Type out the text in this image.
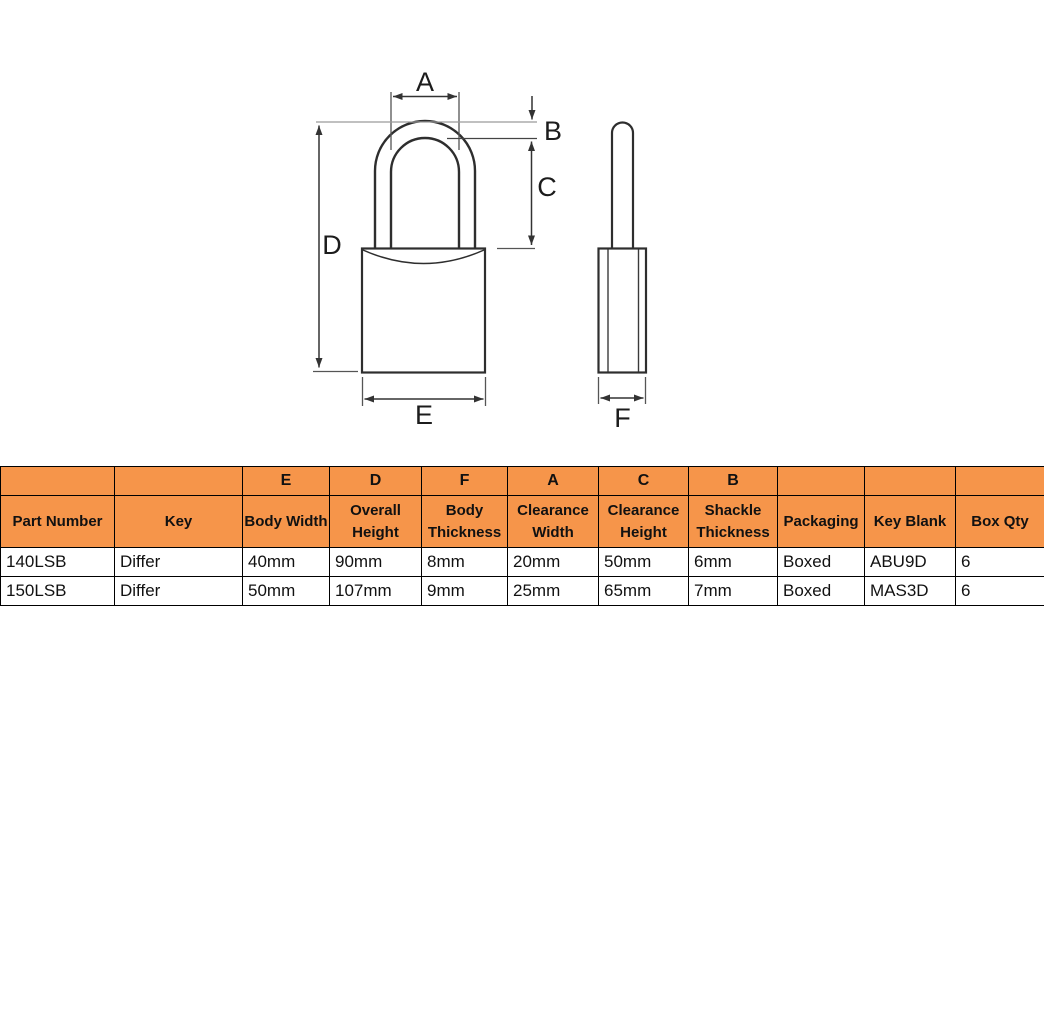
A
B
C
D
E	F
		E	D	F	A	C	B			
Part Number	Key	Body Width	Overall Height	Body Thickness	Clearance Width	Clearance Height	Shackle Thickness	Packaging	Key Blank	Box Qty
140LSB	Differ	40mm	90mm	8mm	20mm	50mm	6mm	Boxed	ABU9D	6
150LSB	Differ	50mm	107mm	9mm	25mm	65mm	7mm	Boxed	MAS3D	6
